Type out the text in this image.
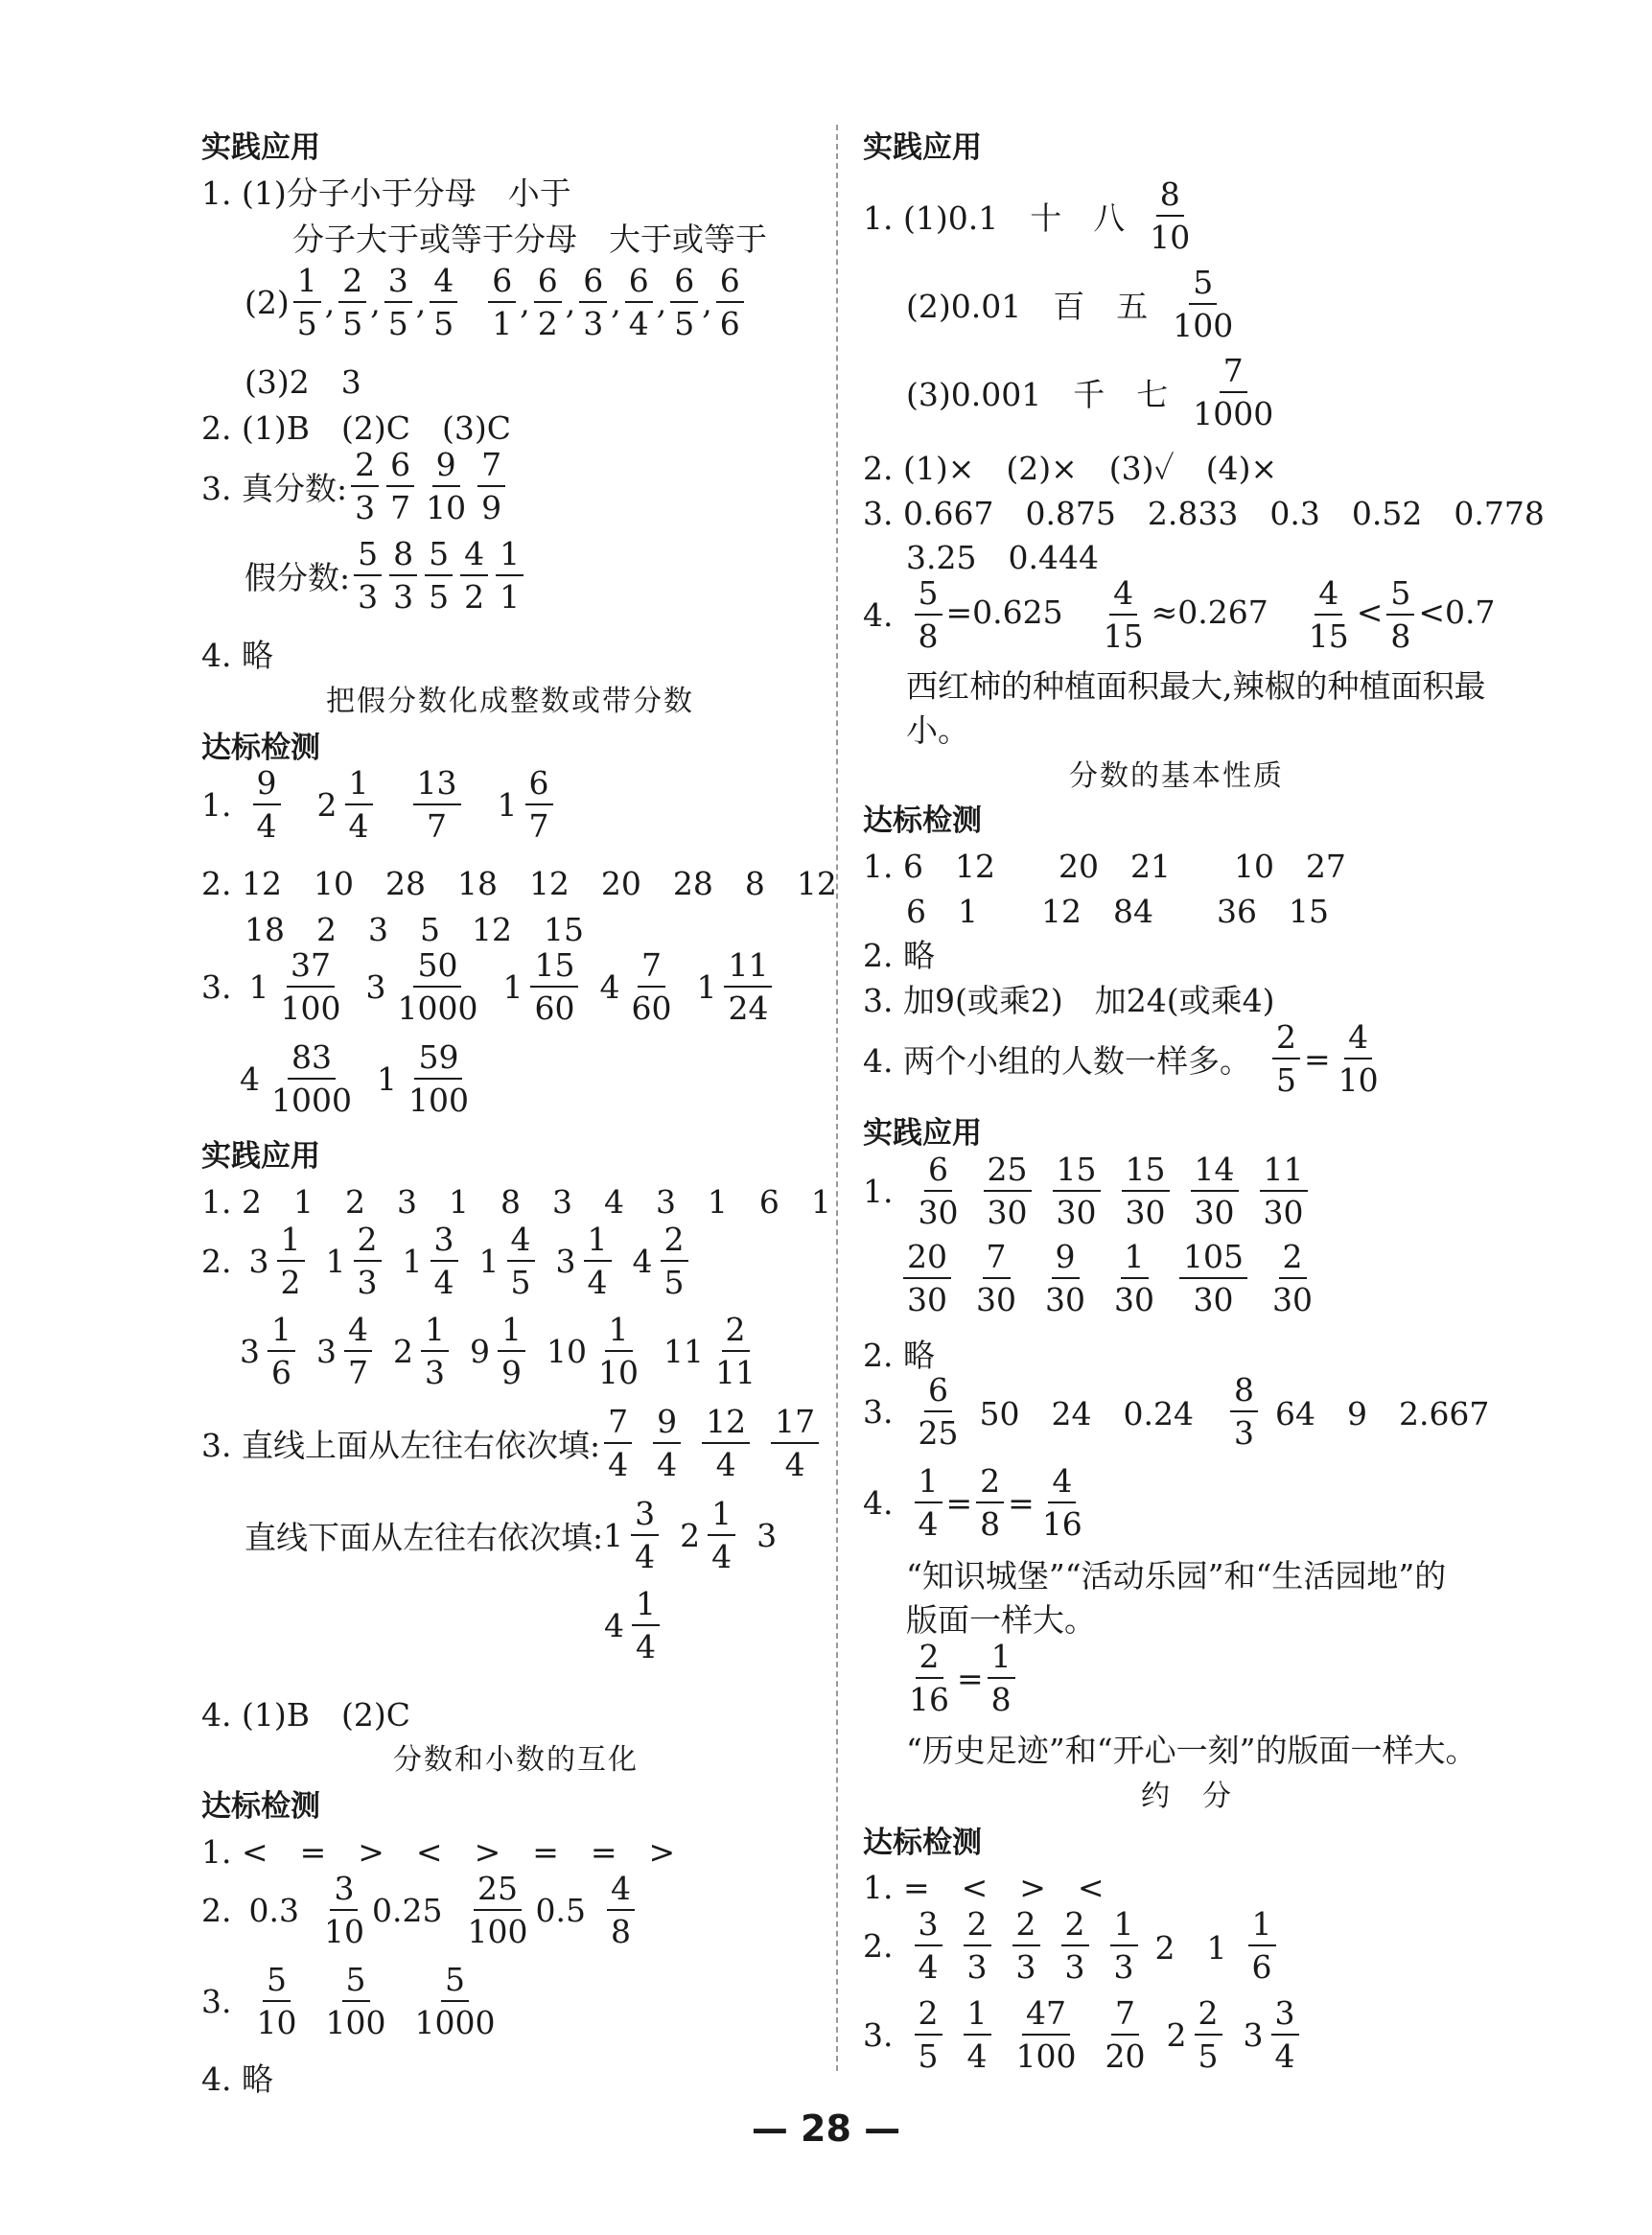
实践应用
1. (1)分子小于分母　小于
分子大于或等于分母　大于或等于
$(2) \frac{1}{5}$ , $\frac{2}{5}$ , $\frac{3}{5}$ , $\frac{4}{5} \frac{6}{1}$ , $\frac{6}{2}$ , $\frac{6}{3}$ , $\frac{6}{4}$ , $\frac{6}{5}$ , $\frac{6}{6}$
(3)2　3
2. (1)B　(2)C　(3)C
3. 真分数: $\frac{2}{3} \frac{6}{7} \frac{9}{10} \frac{7}{9}$
假分数: $\frac{5}{3} \frac{8}{3} \frac{5}{5} \frac{4}{2} \frac{1}{1}$
4. 略
把假分数化成整数或带分数
达标检测
1. $\frac{9}{4} 2 \frac{1}{4} \frac{13}{7} 1 \frac{6}{7}$
2. 12　10　28　18　12　20　28　8　12
18　2　3　5　12　15
3. $1 \frac{37}{100} 3 \frac{50}{1000} 1 \frac{15}{60} 4 \frac{7}{60} 1 \frac{11}{24}$
$4 \frac{83}{1000} 1 \frac{59}{100}$
实践应用
1. 2　1　2　3　1　8　3　4　3　1　6　1
2. $3 \frac{1}{2} 1 \frac{2}{3} 1 \frac{3}{4} 1 \frac{4}{5} 3 \frac{1}{4} 4 \frac{2}{5}$
$3 \frac{1}{6} 3 \frac{4}{7} 2 \frac{1}{3} 9 \frac{1}{9} 10 \frac{1}{10} 11 \frac{2}{11}$
3. 直线上面从左往右依次填: $\frac{7}{4} \frac{9}{4} \frac{12}{4} \frac{17}{4}$
直线下面从左往右依次填: $1 \frac{3}{4} 2 \frac{1}{4} 3$
$4 \frac{1}{4}$
4. (1)B　(2)C
分数和小数的互化
达标检测
1. <　=　>　<　>　=　=　>
2. $0.3 \frac{3}{10} 0.25 \frac{25}{100} 0.5 \frac{4}{8}$
3. $\frac{5}{10} \frac{5}{100} \frac{5}{1000}$
4. 略
实践应用
1. (1)0.1　十　八 $\frac{8}{10}$
(2)0.01　百　五 $\frac{5}{100}$
(3)0.001　千　七 $\frac{7}{1000}$
2. (1)×　(2)×　(3)✓　(4)×
3. 0.667　0.875　2.833　0.3　0.52　0.778
3.25　0.444
4. $\frac{5}{8} =0.625 \frac{4}{15} \approx 0.267 \frac{4}{15} < \frac{5}{8} <0.7$
西红柿的种植面积最大,辣椒的种植面积最
小。
分数的基本性质
达标检测
1. 6　12　　20　21　　10　27
6　1　　12　84　　36　15
2. 略
3. 加9(或乘2)　加24(或乘4)
4. 两个小组的人数一样多。 $\frac{2}{5} = \frac{4}{10}$
实践应用
1. $\frac{6}{30} \frac{25}{30} \frac{15}{30} \frac{15}{30} \frac{14}{30} \frac{11}{30}$
$\frac{20}{30} \frac{7}{30} \frac{9}{30} \frac{1}{30} \frac{105}{30} \frac{2}{30}$
2. 略
3. $\frac{6}{25} 50$　24　$0.24 \frac{8}{3} 64$　9　2.667
4. $\frac{1}{4} = \frac{2}{8} = \frac{4}{16}$
“知识城堡”“活动乐园”和“生活园地”的
版面一样大。
$\frac{2}{16} = \frac{1}{8}$
“历史足迹”和“开心一刻”的版面一样大。
约　分
达标检测
1. =　<　>　<
2. $\frac{3}{4} \frac{2}{3} \frac{2}{3} \frac{2}{3} \frac{1}{3} 2$　$1 \frac{1}{6}$
3. $\frac{2}{5} \frac{1}{4} \frac{47}{100} \frac{7}{20} 2 \frac{2}{5} 3 \frac{3}{4}$
— 28 —
